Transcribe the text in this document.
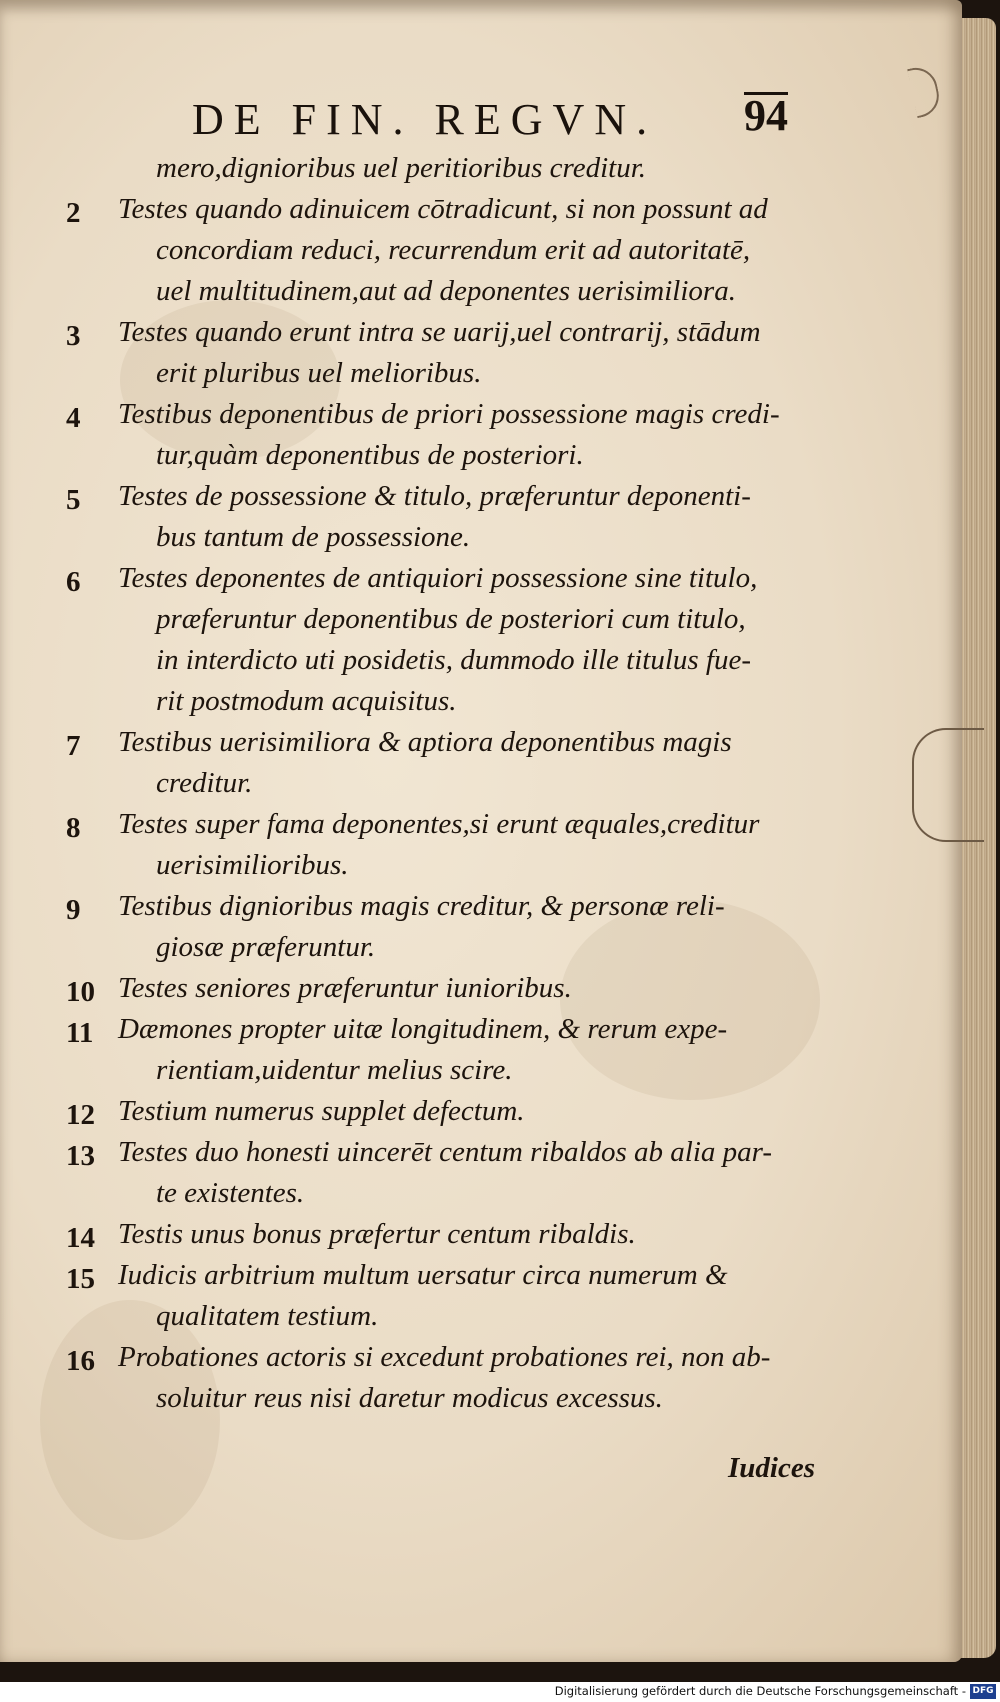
DE FIN. REGVN. 94
mero,dignioribus uel peritioribus creditur.
2 Testes quando adinuicem cōtradicunt, si non possunt ad
concordiam reduci, recurrendum erit ad autoritatē,
uel multitudinem,aut ad deponentes uerisimiliora.
3 Testes quando erunt intra se uarij,uel contrarij, stādum
erit pluribus uel melioribus.
4 Testibus deponentibus de priori possessione magis credi-
tur,quàm deponentibus de posteriori.
5 Testes de possessione & titulo, præferuntur deponenti-
bus tantum de possessione.
6 Testes deponentes de antiquiori possessione sine titulo,
præferuntur deponentibus de posteriori cum titulo,
in interdicto uti posidetis, dummodo ille titulus fue-
rit postmodum acquisitus.
7 Testibus uerisimiliora & aptiora deponentibus magis
creditur.
8 Testes super fama deponentes,si erunt æquales,creditur
uerisimilioribus.
9 Testibus dignioribus magis creditur, & personæ reli-
giosæ præferuntur.
10 Testes seniores præferuntur iunioribus.
11 Dæmones propter uitæ longitudinem, & rerum expe-
rientiam,uidentur melius scire.
12 Testium numerus supplet defectum.
13 Testes duo honesti uincerēt centum ribaldos ab alia par-
te existentes.
14 Testis unus bonus præfertur centum ribaldis.
15 Iudicis arbitrium multum uersatur circa numerum &
qualitatem testium.
16 Probationes actoris si excedunt probationes rei, non ab-
soluitur reus nisi daretur modicus excessus.
Iudices
Digitalisierung gefördert durch die Deutsche Forschungsgemeinschaft - DFG
